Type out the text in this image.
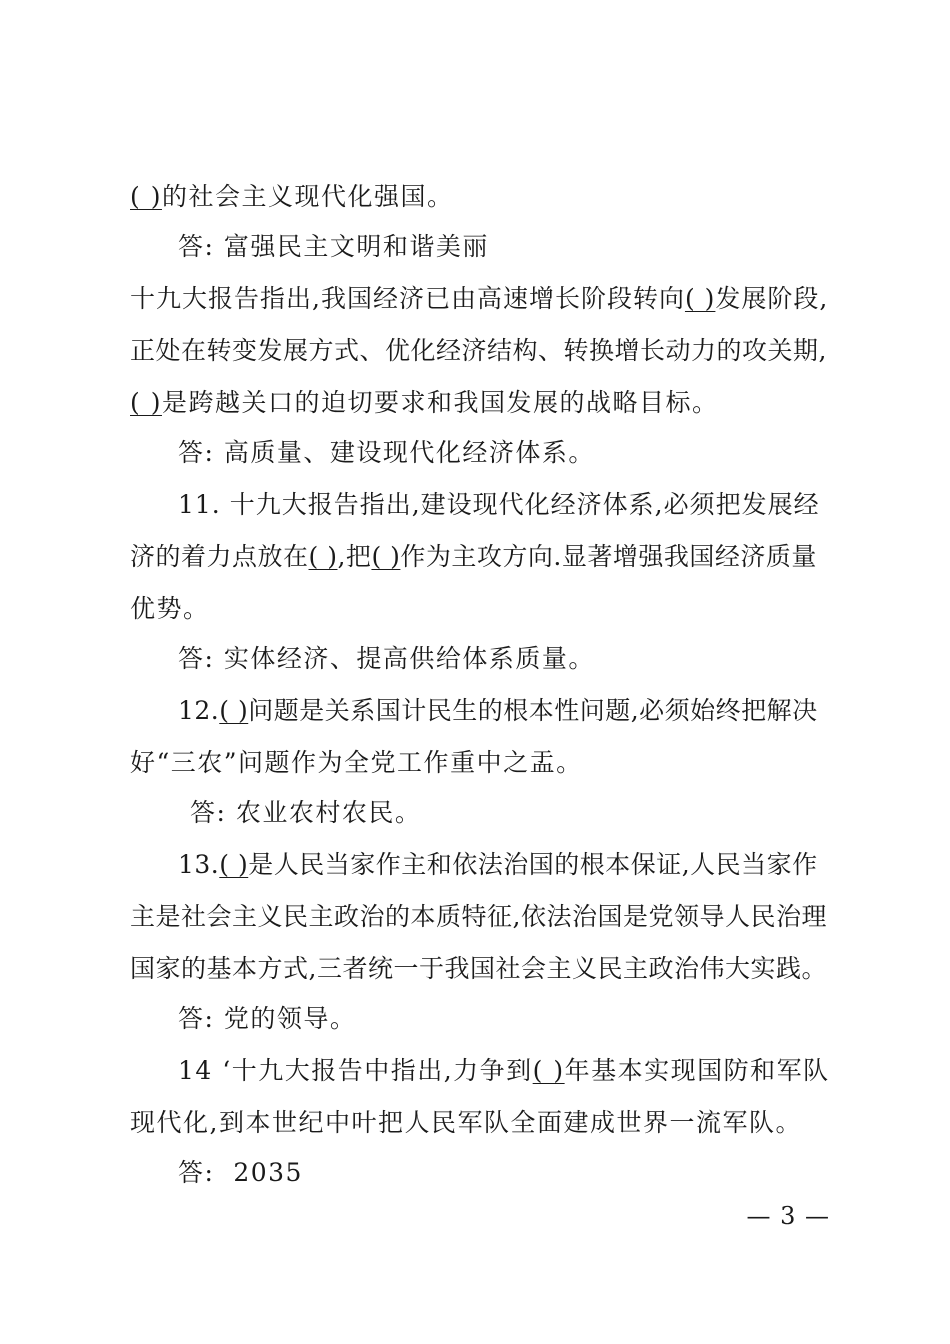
( )的社会主义现代化强国。
答: 富强民主文明和谐美丽
十九大报告指出,我国经济已由高速增长阶段转向( )发展阶段,
正处在转变发展方式、优化经济结构、转换增长动力的攻关期,
( )是跨越关口的迫切要求和我国发展的战略目标。
答: 高质量、建设现代化经济体系。
11. 十九大报告指出,建设现代化经济体系,必须把发展经
济的着力点放在( ),把( )作为主攻方向.显著增强我国经济质量
优势。
答: 实体经济、提高供给体系质量。
12.( )问题是关系国计民生的根本性问题,必须始终把解决
好“三农”问题作为全党工作重中之盂。
答: 农业农村农民。
13.( )是人民当家作主和依法治国的根本保证,人民当家作
主是社会主义民主政治的本质特征,依法治国是党领导人民治理
国家的基本方式,三者统一于我国社会主义民主政治伟大实践。
答: 党的领导。
14 ‘十九大报告中指出,力争到( )年基本实现国防和军队
现代化,到本世纪中叶把人民军队全面建成世界一流军队。
答:  2035
— 3 —
